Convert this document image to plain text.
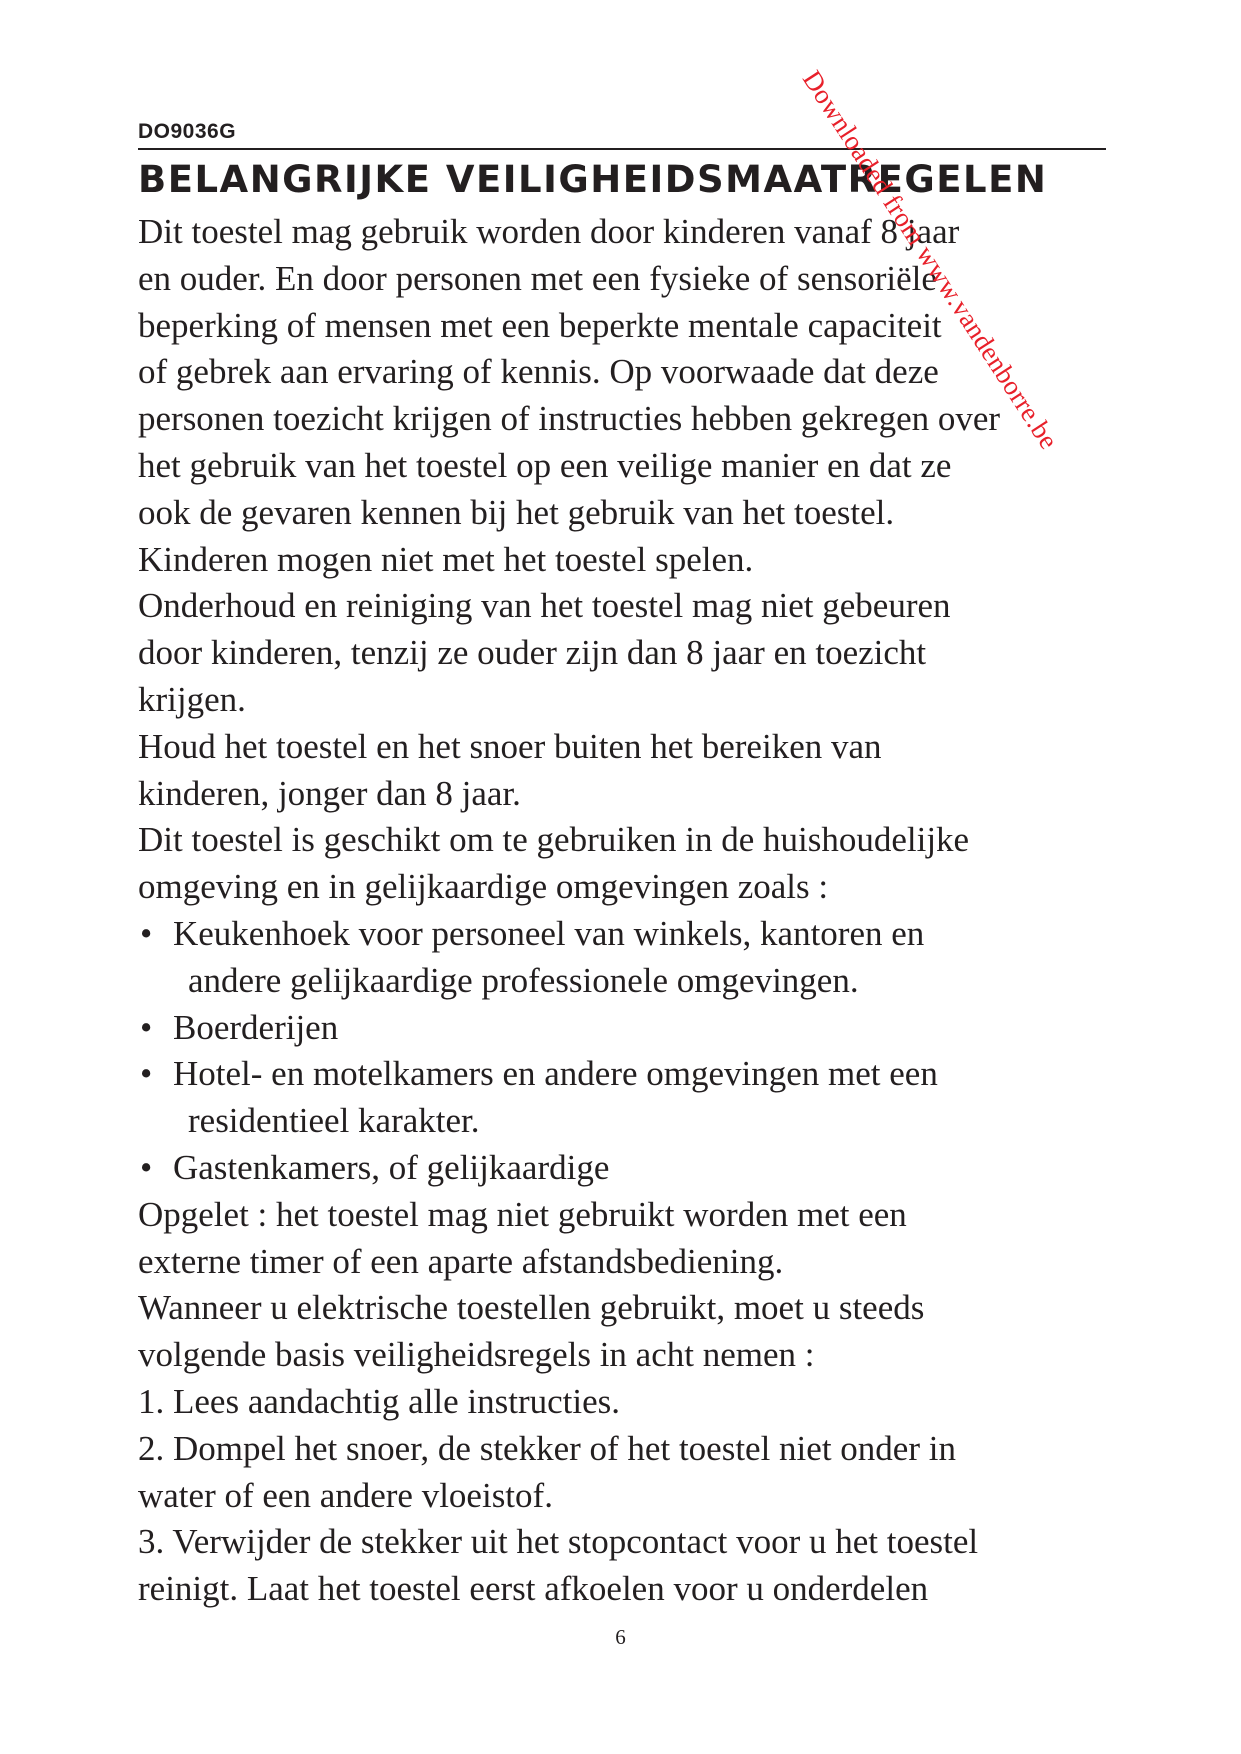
DO9036G
BELANGRIJKE VEILIGHEIDSMAATREGELEN
Dit toestel mag gebruik worden door kinderen vanaf 8 jaar
en ouder. En door personen met een fysieke of sensoriële
beperking of mensen met een beperkte mentale capaciteit
of gebrek aan ervaring of kennis. Op voorwaade dat deze
personen toezicht krijgen of instructies hebben gekregen over
het gebruik van het toestel op een veilige manier en dat ze
ook de gevaren kennen bij het gebruik van het toestel.
Kinderen mogen niet met het toestel spelen.
Onderhoud en reiniging van het toestel mag niet gebeuren
door kinderen, tenzij ze ouder zijn dan 8 jaar en toezicht
krijgen.
Houd het toestel en het snoer buiten het bereiken van
kinderen, jonger dan 8 jaar.
Dit toestel is geschikt om te gebruiken in de huishoudelijke
omgeving en in gelijkaardige omgevingen zoals :
• Keukenhoek voor personeel van winkels, kantoren en
andere gelijkaardige professionele omgevingen.
• Boerderijen
• Hotel- en motelkamers en andere omgevingen met een
residentieel karakter.
• Gastenkamers, of gelijkaardige
Opgelet : het toestel mag niet gebruikt worden met een
externe timer of een aparte afstandsbediening.
Wanneer u elektrische toestellen gebruikt, moet u steeds
volgende basis veiligheidsregels in acht nemen :
1. Lees aandachtig alle instructies.
2. Dompel het snoer, de stekker of het toestel niet onder in
water of een andere vloeistof.
3. Verwijder de stekker uit het stopcontact voor u het toestel
reinigt. Laat het toestel eerst afkoelen voor u onderdelen
6
Downloaded from www.vandenborre.be
